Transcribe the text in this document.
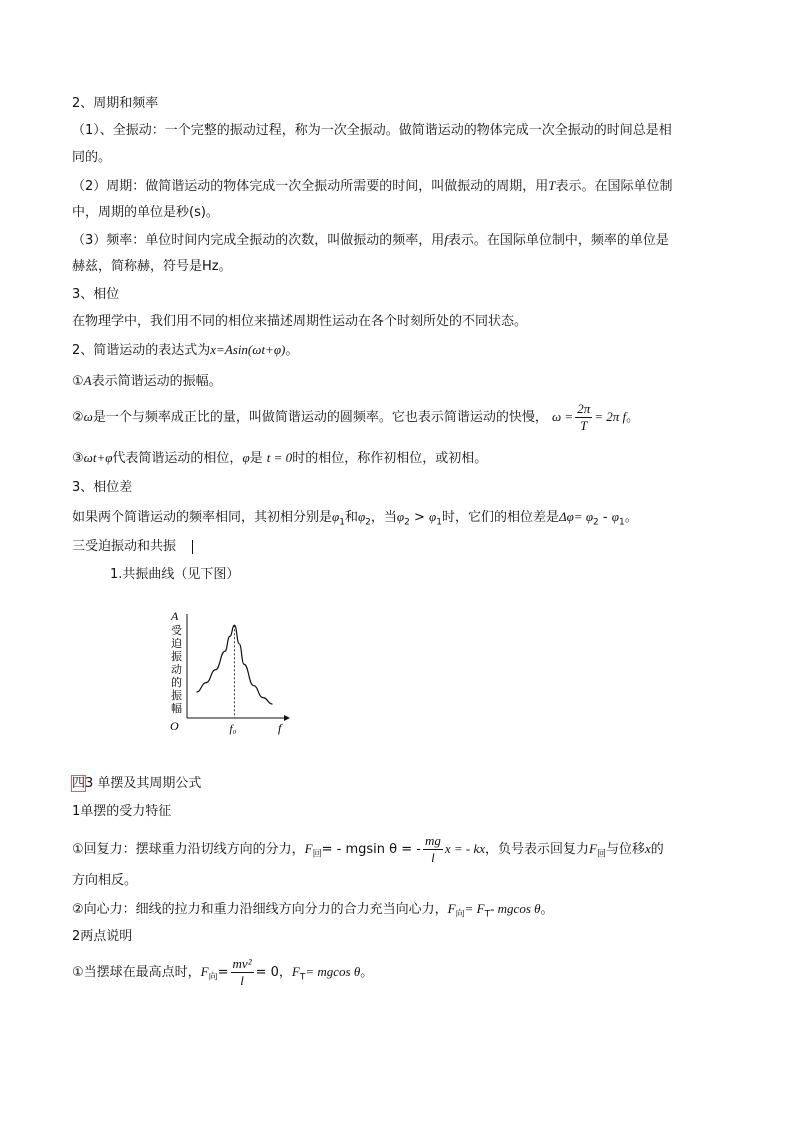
2、周期和频率
（1）、全振动：一个完整的振动过程，称为一次全振动。做简谐运动的物体完成一次全振动的时间总是相
同的。
（2）周期：做简谐运动的物体完成一次全振动所需要的时间，叫做振动的周期，用T表示。在国际单位制
中，周期的单位是秒(s)。
（3）频率：单位时间内完成全振动的次数，叫做振动的频率，用f表示。在国际单位制中，频率的单位是
赫兹，简称赫，符号是Hz。
3、相位
在物理学中，我们用不同的相位来描述周期性运动在各个时刻所处的不同状态。
2、简谐运动的表达式为x=Asin(ωt+φ)。
①A表示简谐运动的振幅。
②ω是一个与频率成正比的量，叫做简谐运动的圆频率。它也表示简谐运动的快慢， $\omega = \frac{2\pi}{T} = 2\pi$ f。
③ωt+φ代表简谐运动的相位，φ是 t = 0时的相位，称作初相位，或初相。
3、相位差
如果两个简谐运动的频率相同，其初相分别是$\varphi_1$和$\varphi_2$，当$\varphi_2 > \varphi_1$时，它们的相位差是$\Delta\varphi= \varphi_2 - \varphi_1$。
三受迫振动和共振
1.共振曲线（见下图）
A
受
迫
振
动
的
振
幅
O	f
f₀
四3 单摆及其周期公式
1单摆的受力特征
①回复力：摆球重力沿切线方向的分力，$F_回= - mgsin$ θ = - $\frac{mg}{l}$ x = - kx，负号表示回复力$F_回$与位移x的
方向相反。
②向心力：细线的拉力和重力沿细线方向分力的合力充当向心力，$F_向= F_T-$ mgcos θ。
2两点说明
①当摆球在最高点时，$F_向= \frac{\text{mv²}}{l} = 0$，$F_T= mgcos$ θ。
